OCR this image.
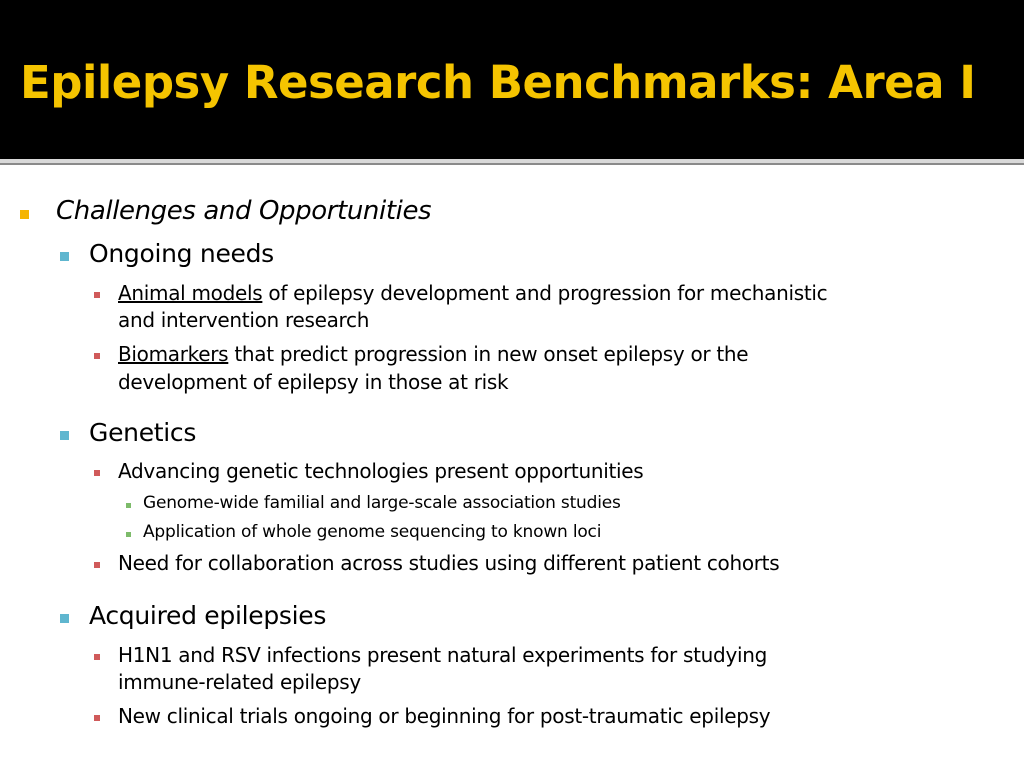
Epilepsy Research Benchmarks: Area I
Challenges and Opportunities
Ongoing needs
Animal models of epilepsy development and progression for mechanistic
and intervention research
Biomarkers that predict progression in new onset epilepsy or the
development of epilepsy in those at risk
Genetics
Advancing genetic technologies present opportunities
Genome-wide familial and large-scale association studies
Application of whole genome sequencing to known loci
Need for collaboration across studies using different patient cohorts
Acquired epilepsies
H1N1 and RSV infections present natural experiments for studying
immune-related epilepsy
New clinical trials ongoing or beginning for post-traumatic epilepsy
